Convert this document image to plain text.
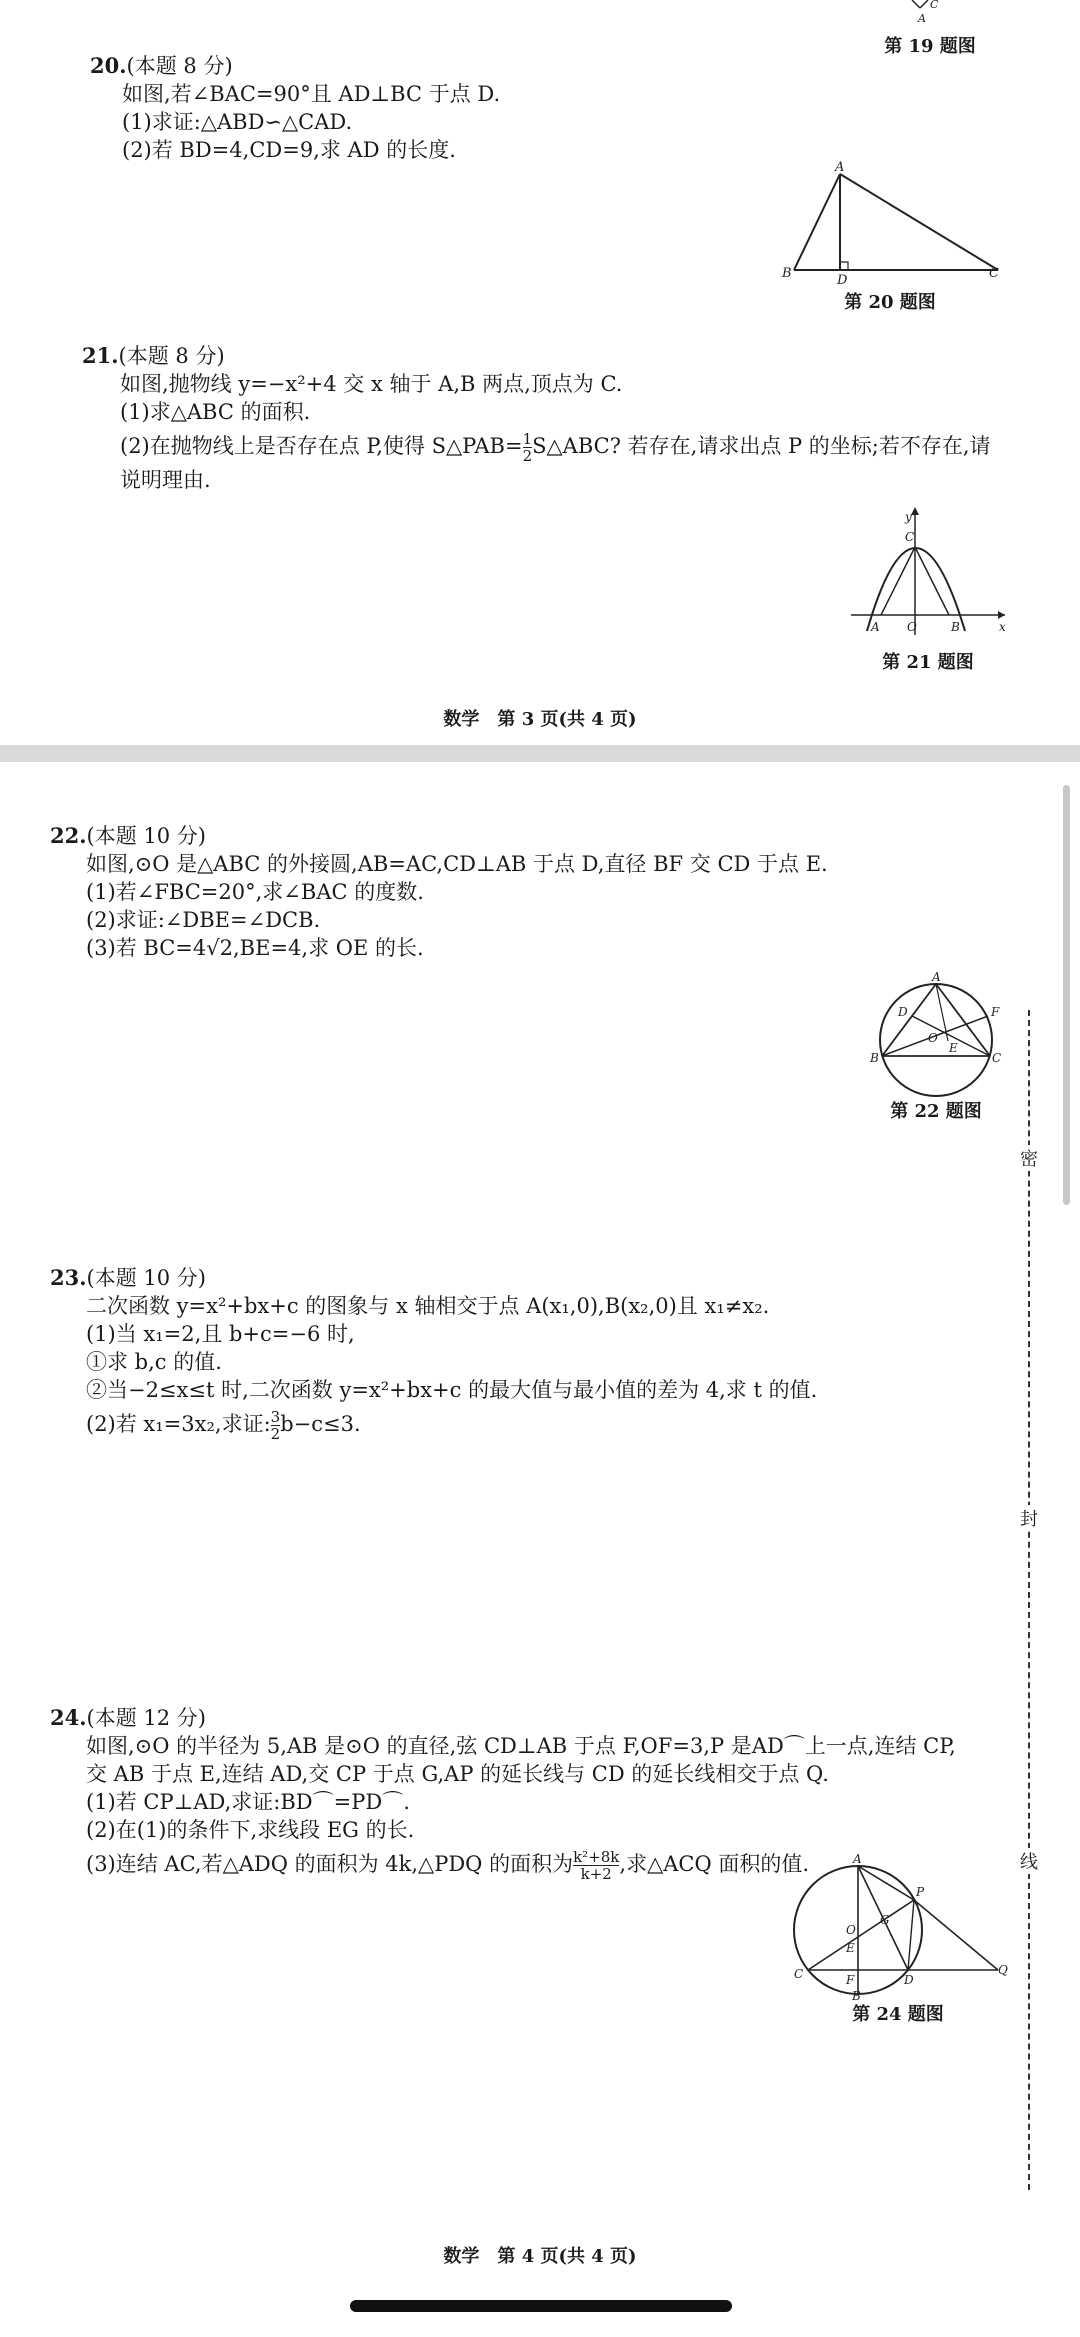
C
A
第 19 题图

20.(本题 8 分)

如图,若∠BAC=90°且 AD⊥BC 于点 D.

(1)求证:△ABD∽△CAD.

(2)若 BD=4,CD=9,求 AD 的长度.

A
B	D	C
第 20 题图

21.(本题 8 分)

如图,抛物线 y=−x²+4 交 x 轴于 A,B 两点,顶点为 C.

(1)求△ABC 的面积.

(2)在抛物线上是否存在点 P,使得 S△PAB= $\frac{1}{2}$ S△ABC? 若存在,请求出点 P 的坐标;若不存在,请

说明理由.

y
C
A O	B	x
第 21 题图
数学　第 3 页(共 4 页)

22.(本题 10 分)

如图,⊙O 是△ABC 的外接圆,AB=AC,CD⊥AB 于点 D,直径 BF 交 CD 于点 E.

(1)若∠FBC=20°,求∠BAC 的度数.

(2)求证:∠DBE=∠DCB.

(3)若 BC=4√2,BE=4,求 OE 的长.

A
D
O
E
F
B	C
第 22 题图

23.(本题 10 分)

二次函数 y=x²+bx+c 的图象与 x 轴相交于点 A(x₁,0),B(x₂,0)且 x₁≠x₂.

(1)当 x₁=2,且 b+c=−6 时,

①求 b,c 的值.

②当−2≤x≤t 时,二次函数 y=x²+bx+c 的最大值与最小值的差为 4,求 t 的值.

(2)若 x₁=3x₂,求证: $\frac{3}{2} b-c\le 3$.

24.(本题 12 分)

如图,⊙O 的半径为 5,AB 是⊙O 的直径,弦 CD⊥AB 于点 F,OF=3,P 是AD⌒上一点,连结 CP,

交 AB 于点 E,连结 AD,交 CP 于点 G,AP 的延长线与 CD 的延长线相交于点 Q.

(1)若 CP⊥AD,求证:BD⌒=PD⌒.

(2)在(1)的条件下,求线段 EG 的长.

(3)连结 AC,若△ADQ 的面积为 4k,△PDQ 的面积为 $\frac{\text{k²+8k}}{k+2}$ ,求△ACQ 面积的值.	A
P
G
O
E
F
C	D
Q
B
第 24 题图
数学　第 4 页(共 4 页)
密
封
线
